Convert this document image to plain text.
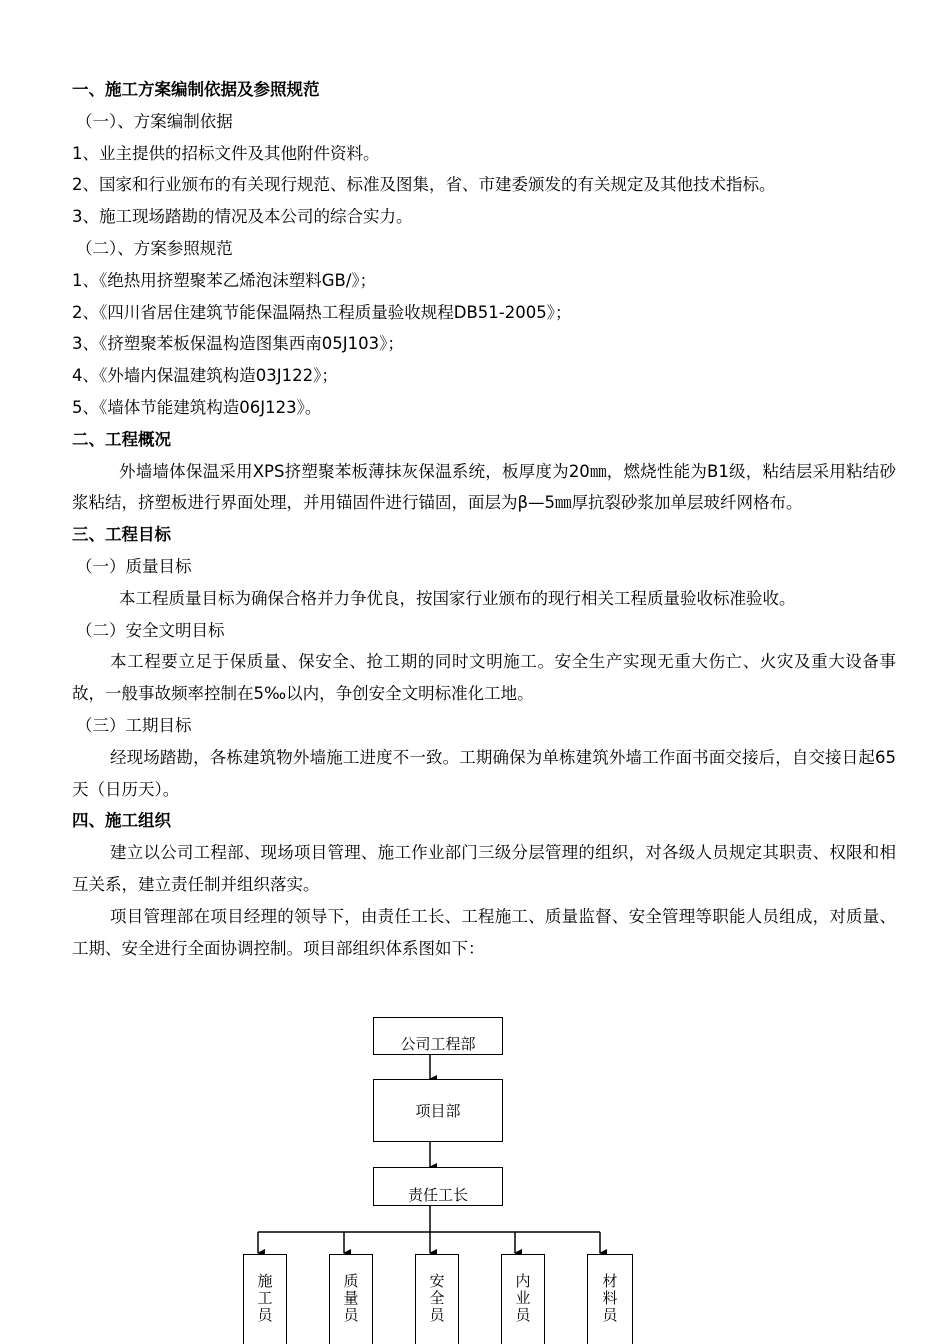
一、施工方案编制依据及参照规范
（一）、方案编制依据
1、业主提供的招标文件及其他附件资料。
2、国家和行业颁布的有关现行规范、标准及图集，省、市建委颁发的有关规定及其他技术指标。
3、施工现场踏勘的情况及本公司的综合实力。
（二）、方案参照规范
1、《绝热用挤塑聚苯乙烯泡沫塑料GB/》；
2、《四川省居住建筑节能保温隔热工程质量验收规程DB51-2005》；
3、《挤塑聚苯板保温构造图集西南05J103》；
4、《外墙内保温建筑构造03J122》；
5、《墙体节能建筑构造06J123》。
二、工程概况
外墙墙体保温采用XPS挤塑聚苯板薄抹灰保温系统，板厚度为20㎜，燃烧性能为B1级，粘结层采用粘结砂浆粘结，挤塑板进行界面处理，并用锚固件进行锚固，面层为β—5㎜厚抗裂砂浆加单层玻纤网格布。
三、工程目标
（一）质量目标
本工程质量目标为确保合格并力争优良，按国家行业颁布的现行相关工程质量验收标准验收。
（二）安全文明目标
本工程要立足于保质量、保安全、抢工期的同时文明施工。安全生产实现无重大伤亡、火灾及重大设备事故，一般事故频率控制在5‰以内，争创安全文明标准化工地。
（三）工期目标
经现场踏勘，各栋建筑物外墙施工进度不一致。工期确保为单栋建筑外墙工作面书面交接后，自交接日起65天（日历天）。
四、施工组织
建立以公司工程部、现场项目管理、施工作业部门三级分层管理的组织，对各级人员规定其职责、权限和相互关系，建立责任制并组织落实。
项目管理部在项目经理的领导下，由责任工长、工程施工、质量监督、安全管理等职能人员组成，对质量、工期、安全进行全面协调控制。项目部组织体系图如下：
公司工程部
项目部
责任工长
施
工
员
质
量
员
安
全
员
内
业
员
材
料
员
